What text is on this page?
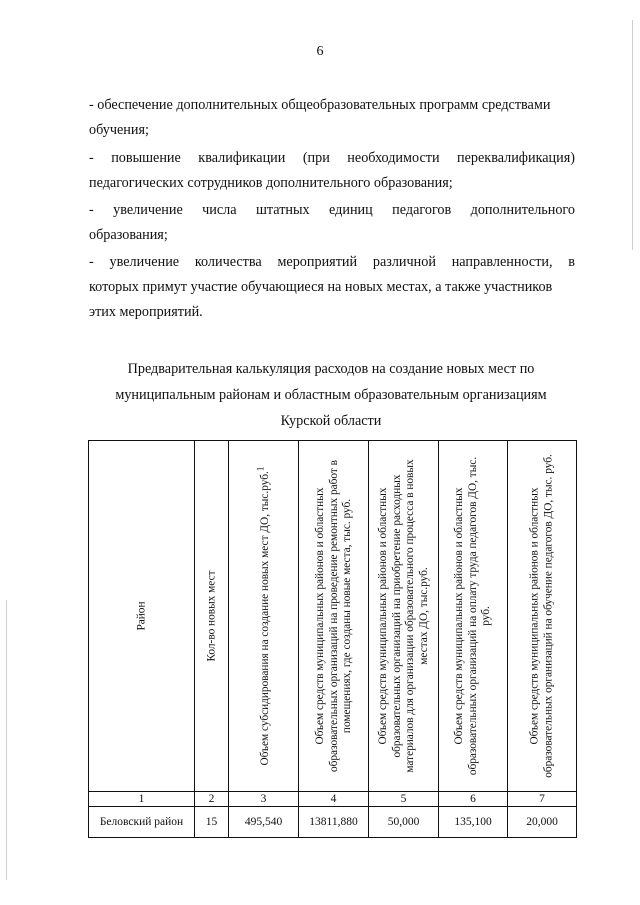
6

- обеспечение дополнительных общеобразовательных программ средствами
обучения;

- повышение квалификации (при необходимости переквалификация)
педагогических сотрудников дополнительного образования;

- увеличение числа штатных единиц педагогов дополнительного
образования;

- увеличение количества мероприятий различной направленности, в
которых примут участие обучающиеся на новых местах, а также участников
этих мероприятий.

Предварительная калькуляция расходов на создание новых мест по
муниципальным районам и областным образовательным организациям
Курской области
Район	Кол-во новых мест	Объем субсидирования на создание новых мест ДО, тыс.руб.$^1$	Объем средств муниципальных районов и областных образовательных организаций на проведение ремонтных работ в помещениях, где созданы новые места, тыс. руб.	Объем средств муниципальных районов и областных образовательных организаций на приобретение расходных материалов для организации образовательного процесса в новых местах ДО, тыс.руб.	Объем средств муниципальных районов и областных образовательных организаций на оплату труда педагогов ДО, тыс. руб.	Объем средств муниципальных районов и областных образовательных организаций на обучение педагогов ДО, тыс. руб.

1	2	3	4	5	6	7
Беловский район	15	495,540	13811,880	50,000	135,100	20,000
